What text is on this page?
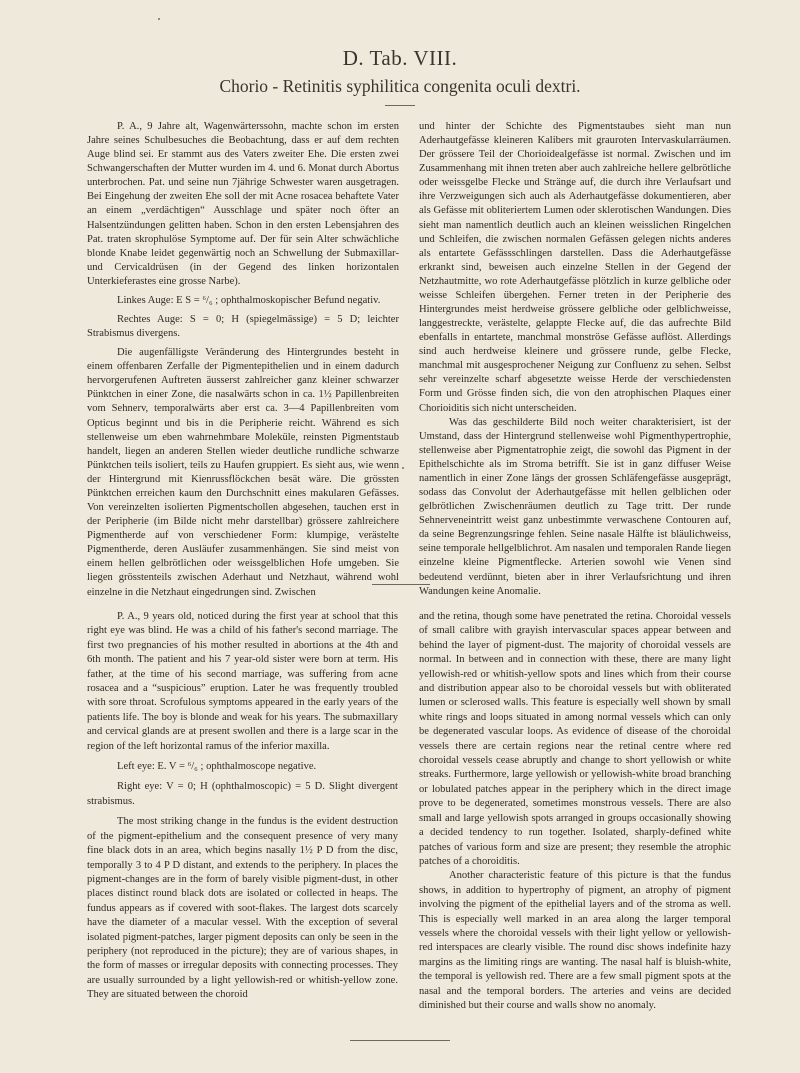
D. Tab. VIII.
Chorio - Retinitis syphilitica congenita oculi dextri.

P. A., 9 Jahre alt, Wagenwärterssohn, machte schon im ersten Jahre seines Schulbesuches die Beobachtung, dass er auf dem rechten Auge blind sei. Er stammt aus des Vaters zweiter Ehe. Die ersten zwei Schwangerschaften der Mutter wurden im 4. und 6. Monat durch Abortus unterbrochen. Pat. und seine nun 7jährige Schwester waren ausgetragen. Bei Eingehung der zweiten Ehe soll der mit Acne rosacea behaftete Vater an einem „verdächtigen“ Ausschlage und später noch öfter an Halsentzündungen gelitten haben. Schon in den ersten Lebensjahren des Pat. traten skrophulöse Symptome auf. Der für sein Alter schwächliche blonde Knabe leidet gegenwärtig noch an Schwellung der Submaxillar- und Cervicaldrüsen (in der Gegend des linken horizontalen Unterkieferastes eine grosse Narbe).

Linkes Auge: E S = ⁶/₆ ; ophthalmoskopischer Befund negativ.

Rechtes Auge: S = 0; H (spiegelmässige) = 5 D; leichter Strabismus divergens.

Die augenfälligste Veränderung des Hintergrundes besteht in einem offenbaren Zerfalle der Pigmentepithelien und in einem dadurch hervorgerufenen Auftreten äusserst zahlreicher ganz kleiner schwarzer Pünktchen in einer Zone, die nasalwärts schon in ca. 1½ Papillenbreiten vom Sehnerv, temporalwärts aber erst ca. 3—4 Papillenbreiten vom Opticus beginnt und bis in die Peripherie reicht. Während es sich stellenweise um eben wahrnehmbare Moleküle, reinsten Pigmentstaub handelt, liegen an anderen Stellen wieder deutliche rundliche schwarze Pünktchen teils isoliert, teils zu Haufen gruppiert. Es sieht aus, wie wenn der Hintergrund mit Kienrussflöckchen besät wäre. Die grössten Pünktchen erreichen kaum den Durchschnitt eines makularen Gefässes. Von vereinzelten isolierten Pigmentschollen abgesehen, tauchen erst in der Peripherie (im Bilde nicht mehr darstellbar) grössere zahlreichere Pigmentherde auf von verschiedener Form: klumpige, verästelte Pigmentherde, deren Ausläufer zusammenhängen. Sie sind meist von einem hellen gelbrötlichen oder weissgelblichen Hofe umgeben. Sie liegen grösstenteils zwischen Aderhaut und Netzhaut, während wohl einzelne in die Netzhaut eingedrungen sind. Zwischen

und hinter der Schichte des Pigmentstaubes sieht man nun Aderhautgefässe kleineren Kalibers mit grauroten Intervaskularräumen. Der grössere Teil der Chorioidealgefässe ist normal. Zwischen und im Zusammenhang mit ihnen treten aber auch zahlreiche hellere gelbrötliche oder weissgelbe Flecke und Stränge auf, die durch ihre Verlaufsart und ihre Verzweigungen sich auch als Aderhautgefässe dokumentieren, aber als Gefässe mit obliteriertem Lumen oder sklerotischen Wandungen. Dies sieht man namentlich deutlich auch an kleinen weisslichen Ringelchen und Schleifen, die zwischen normalen Gefässen gelegen nichts anderes als entartete Gefässschlingen darstellen. Dass die Aderhautgefässe erkrankt sind, beweisen auch einzelne Stellen in der Gegend der Netzhautmitte, wo rote Aderhautgefässe plötzlich in kurze gelbliche oder weisse Schleifen übergehen. Ferner treten in der Peripherie des Hintergrundes meist herdweise grössere gelbliche oder gelblichweisse, langgestreckte, verästelte, gelappte Flecke auf, die das aufrechte Bild ebenfalls in entartete, manchmal monströse Gefässe auflöst. Allerdings sind auch herdweise kleinere und grössere runde, gelbe Flecke, manchmal mit ausgesprochener Neigung zur Confluenz zu sehen. Selbst sehr vereinzelte scharf abgesetzte weisse Herde der verschiedensten Form und Grösse finden sich, die von den atrophischen Plaques einer Chorioiditis sich nicht unterscheiden.

Was das geschilderte Bild noch weiter charakterisiert, ist der Umstand, dass der Hintergrund stellenweise wohl Pigmenthypertrophie, stellenweise aber Pigmentatrophie zeigt, die sowohl das Pigment in der Epithelschichte als im Stroma betrifft. Sie ist in ganz diffuser Weise namentlich in einer Zone längs der grossen Schläfengefässe ausgeprägt, sodass das Convolut der Aderhautgefässe mit hellen gelblichen oder gelbrötlichen Zwischenräumen deutlich zu Tage tritt. Der runde Sehnerveneintritt weist ganz unbestimmte verwaschene Contouren auf, da seine Begrenzungsringe fehlen. Seine nasale Hälfte ist bläulichweiss, seine temporale hellgelblichrot. Am nasalen und temporalen Rande liegen einzelne kleine Pigmentflecke. Arterien sowohl wie Venen sind bedeutend verdünnt, bieten aber in ihrer Verlaufsrichtung und ihren Wandungen keine Anomalie.

P. A., 9 years old, noticed during the first year at school that this right eye was blind. He was a child of his father's second marriage. The first two pregnancies of his mother resulted in abortions at the 4th and 6th month. The patient and his 7 year-old sister were born at term. His father, at the time of his second marriage, was suffering from acne rosacea and a “suspicious” eruption. Later he was frequently troubled with sore throat. Scrofulous symptoms appeared in the early years of the patients life. The boy is blonde and weak for his years. The submaxillary and cervical glands are at present swollen and there is a large scar in the region of the left horizontal ramus of the inferior maxilla.

Left eye: E. V = ⁶/₆ ; ophthalmoscope negative.

Right eye: V = 0; H (ophthalmoscopic) = 5 D. Slight divergent strabismus.

The most striking change in the fundus is the evident destruction of the pigment-epithelium and the consequent presence of very many fine black dots in an area, which begins nasally 1½ P D from the disc, temporally 3 to 4 P D distant, and extends to the periphery. In places the pigment-changes are in the form of barely visible pigment-dust, in other places distinct round black dots are isolated or collected in heaps. The fundus appears as if covered with soot-flakes. The largest dots scarcely have the diameter of a macular vessel. With the exception of several isolated pigment-patches, larger pigment deposits can only be seen in the periphery (not reproduced in the picture); they are of various shapes, in the form of masses or irregular deposits with connecting processes. They are usually surrounded by a light yellowish-red or whitish-yellow zone. They are situated between the choroid

and the retina, though some have penetrated the retina. Choroidal vessels of small calibre with grayish intervascular spaces appear between and behind the layer of pigment-dust. The majority of choroidal vessels are normal. In between and in connection with these, there are many light yellowish-red or whitish-yellow spots and lines which from their course and distribution appear also to be choroidal vessels but with obliterated lumen or sclerosed walls. This feature is especially well shown by small white rings and loops situated in among normal vessels which can only be degenerated vascular loops. As evidence of disease of the choroidal vessels there are certain regions near the retinal centre where red choroidal vessels cease abruptly and change to short yellowish or white streaks. Furthermore, large yellowish or yellowish-white broad branching or lobulated patches appear in the periphery which in the direct image prove to be degenerated, sometimes monstrous vessels. There are also small and large yellowish spots arranged in groups occasionally showing a decided tendency to run together. Isolated, sharply-defined white patches of various form and size are present; they resemble the atrophic patches of a choroiditis.

Another characteristic feature of this picture is that the fundus shows, in addition to hypertrophy of pigment, an atrophy of pigment involving the pigment of the epithelial layers and of the stroma as well. This is especially well marked in an area along the larger temporal vessels where the choroidal vessels with their light yellow or yellowish-red interspaces are clearly visible. The round disc shows indefinite hazy margins as the limiting rings are wanting. The nasal half is bluish-white, the temporal is yellowish red. There are a few small pigment spots at the nasal and the temporal borders. The arteries and veins are decided diminished but their course and walls show no anomaly.
